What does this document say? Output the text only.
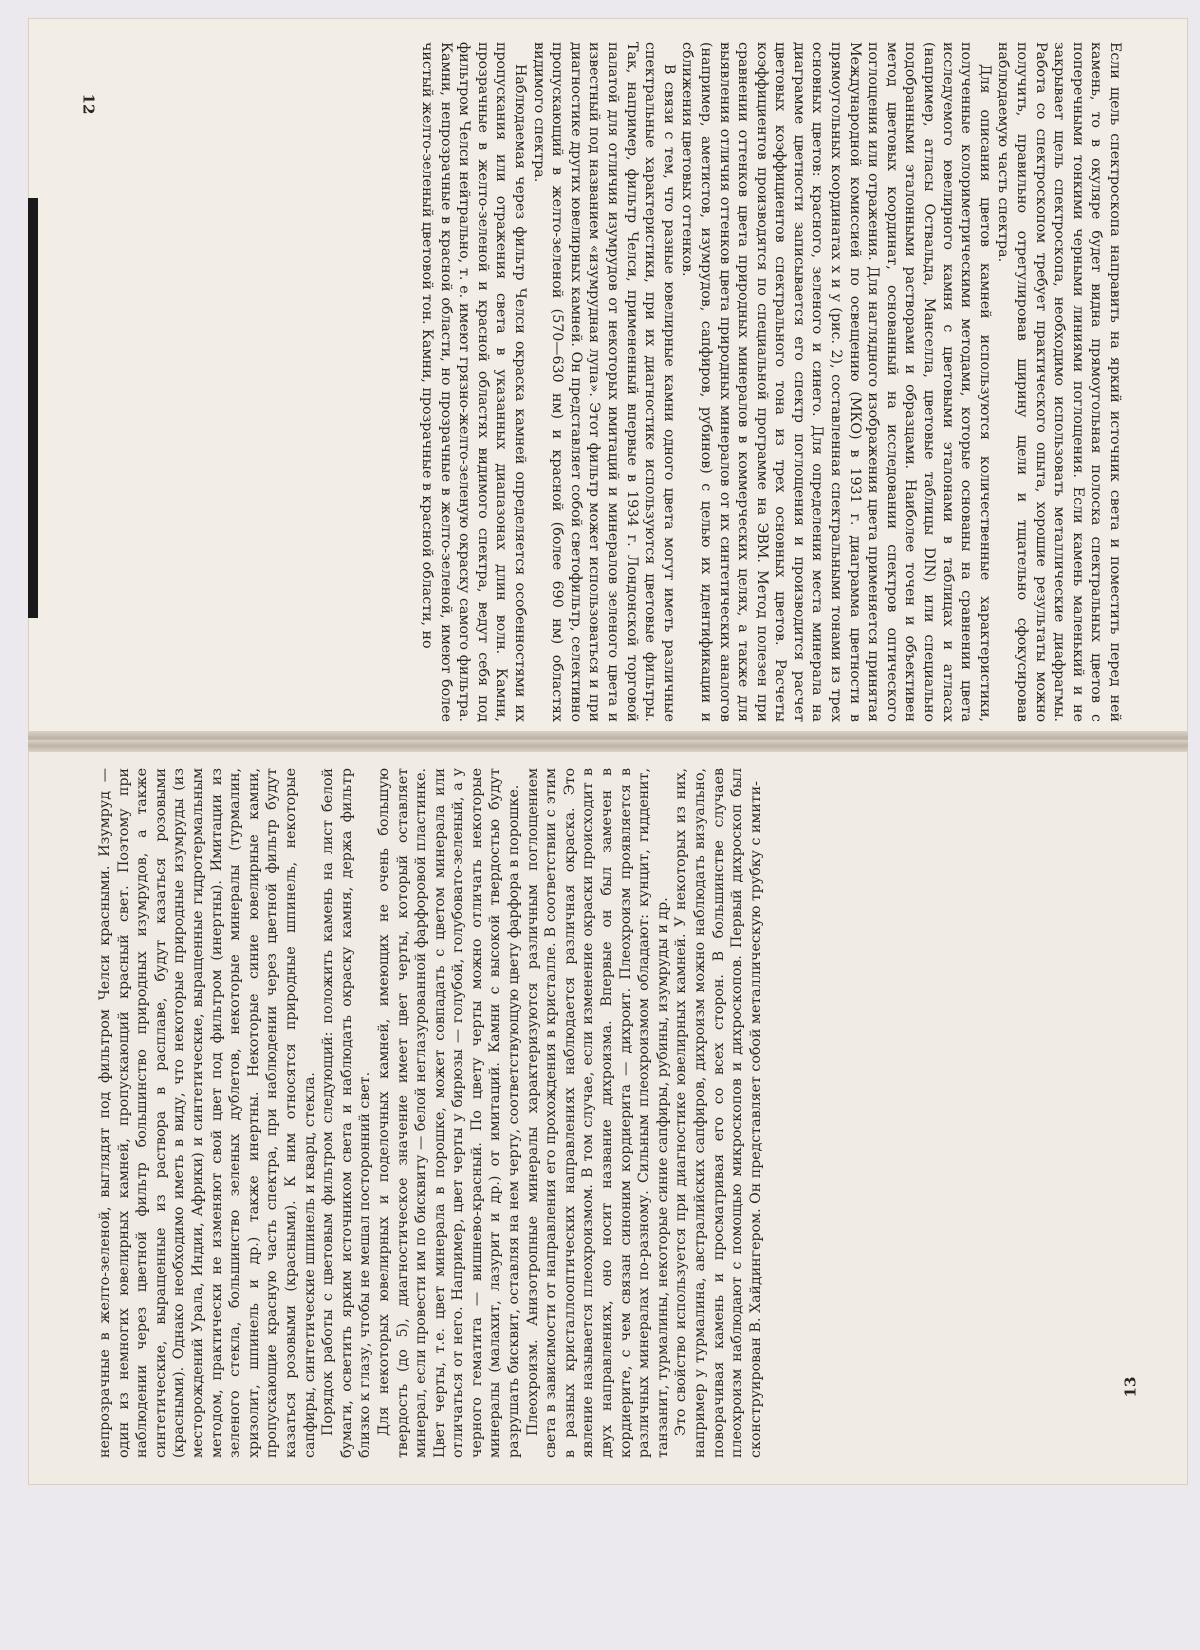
Если щель спектроскопа направить на яркий источник света и поместить перед ней камень, то в окуляре будет видна прямоугольная полоска спектральных цветов с поперечными тонкими черными линиями поглощения. Если камень маленький и не закрывает щель спектроскопа, необходимо использовать металлические диафрагмы. Работа со спектроскопом требует практического опыта, хорошие результаты можно получить, правильно отрегулировав ширину щели и тщательно сфокусировав наблюдаемую часть спектра.

Для описания цветов камней используются количественные характеристики, полученные колориметрическими методами, которые основаны на сравнении цвета исследуемого ювелирного камня с цветовыми эталонами в таблицах и атласах (например, атласы Оствальда, Манселла, цветовые таблицы DIN) или специально подобранными эталонными растворами и образцами. Наиболее точен и объективен метод цветовых координат, основанный на исследовании спектров оптического поглощения или отражения. Для наглядного изображения цвета применяется принятая Международной комиссией по освещению (МКО) в 1931 г. диаграмма цветности в прямоугольных координатах x и y (рис. 2), составленная спектральными тонами из трех основных цветов: красного, зеленого и синего. Для определения места минерала на диаграмме цветности записывается его спектр поглощения и производится расчет цветовых коэффициентов спектрального тона из трех основных цветов. Расчеты коэффициентов производятся по специальной программе на ЭВМ. Метод полезен при сравнении оттенков цвета природных минералов в коммерческих целях, а также для выявления отличия оттенков цвета природных минералов от их синтетических аналогов (например, аметистов, изумрудов, сапфиров, рубинов) с целью их идентификации и сближения цветовых оттенков.

В связи с тем, что разные ювелирные камни одного цвета могут иметь различные спектральные характеристики, при их диагностике используются цветовые фильтры. Так, например, фильтр Челси, примененный впервые в 1934 г. Лондонской торговой палатой для отличия изумрудов от некоторых имитаций и минералов зеленого цвета и известный под названием «изумрудная лупа». Этот фильтр может использоваться и при диагностике других ювелирных камней. Он представляет собой светофильтр, селективно пропускающий в желто-зеленой (570—630 нм) и красной (более 690 нм) областях видимого спектра.

Наблюдаемая через фильтр Челси окраска камней определяется особенностями их пропускания или отражения света в указанных диапазонах длин волн. Камни, прозрачные в желто-зеленой и красной областях видимого спектра, ведут себя под фильтром Челси нейтрально, т. е. имеют грязно-желто-зеленую окраску самого фильтра. Камни, непрозрачные в красной области, но прозрачные в желто-зеленой, имеют более чистый желто-зеленый цветовой тон. Камни, прозрачные в красной области, но

непрозрачные в желто-зеленой, выглядят под фильтром Челси красными. Изумруд — один из немногих ювелирных камней, пропускающий красный свет. Поэтому при наблюдении через цветной фильтр большинство природных изумрудов, а также синтетические, выращенные из раствора в расплаве, будут казаться розовыми (красными). Однако необходимо иметь в виду, что некоторые природные изумруды (из месторождений Урала, Индии, Африки) и синтетические, выращенные гидротермальным методом, практически не изменяют свой цвет под фильтром (инертны). Имитации из зеленого стекла, большинство зеленых дублетов, некоторые минералы (турмалин, хризолит, шпинель и др.) также инертны. Некоторые синие ювелирные камни, пропускающие красную часть спектра, при наблюдении через цветной фильтр будут казаться розовыми (красными). К ним относятся природные шпинель, некоторые сапфиры, синтетические шпинель и кварц, стекла. Порядок работы с цветовым фильтром следующий: положить камень на лист белой бумаги, осветить ярким источником света и наблюдать окраску камня, держа фильтр близко к глазу, чтобы не мешал посторонний свет. Для некоторых ювелирных и поделочных камней, имеющих не очень большую твердость (до 5), диагностическое значение имеет цвет черты, который оставляет минерал, если провести им по бисквиту — белой неглазурованной фарфоровой пластинке. Цвет черты, т.е. цвет минерала в порошке, может совпадать с цветом минерала или отличаться от него. Например, цвет черты у бирюзы — голубой, голубовато-зеленый, а у черного гематита — вишнево-красный. По цвету черты можно отличать некоторые минералы (малахит, лазурит и др.) от имитаций. Камни с высокой твердостью будут разрушать бисквит, оставляя на нем черту, соответствующую цвету фарфора в порошке. Плеохроизм. Анизотропные минералы характеризуются различным поглощением света в зависимости от направления его прохождения в кристалле. В соответствии с этим в разных кристаллооптических направлениях наблюдается различная окраска. Это явление называется плеохроизмом. В том случае, если изменение окраски происходит в двух направлениях, оно носит название дихроизма. Впервые он был замечен в кордиерите, с чем связан синоним кордиерита — дихроит. Плеохроизм проявляется в различных минералах по-разному. Сильным плеохроизмом обладают: кунцит, гидденит, танзанит, турмалины, некоторые синие сапфиры, рубины, изумруды и др. Это свойство используется при диагностике ювелирных камней. У некоторых из них, например у турмалина, австралийских сапфиров, дихроизм можно наблюдать визуально, поворачивая камень и просматривая его со всех сторон. В большинстве случаев плеохроизм наблюдают с помощью микроскопов и дихроскопов. Первый дихроскоп был сконструирован В. Хайдингером. Он представляет собой металлическую трубку с имити-

12
13
